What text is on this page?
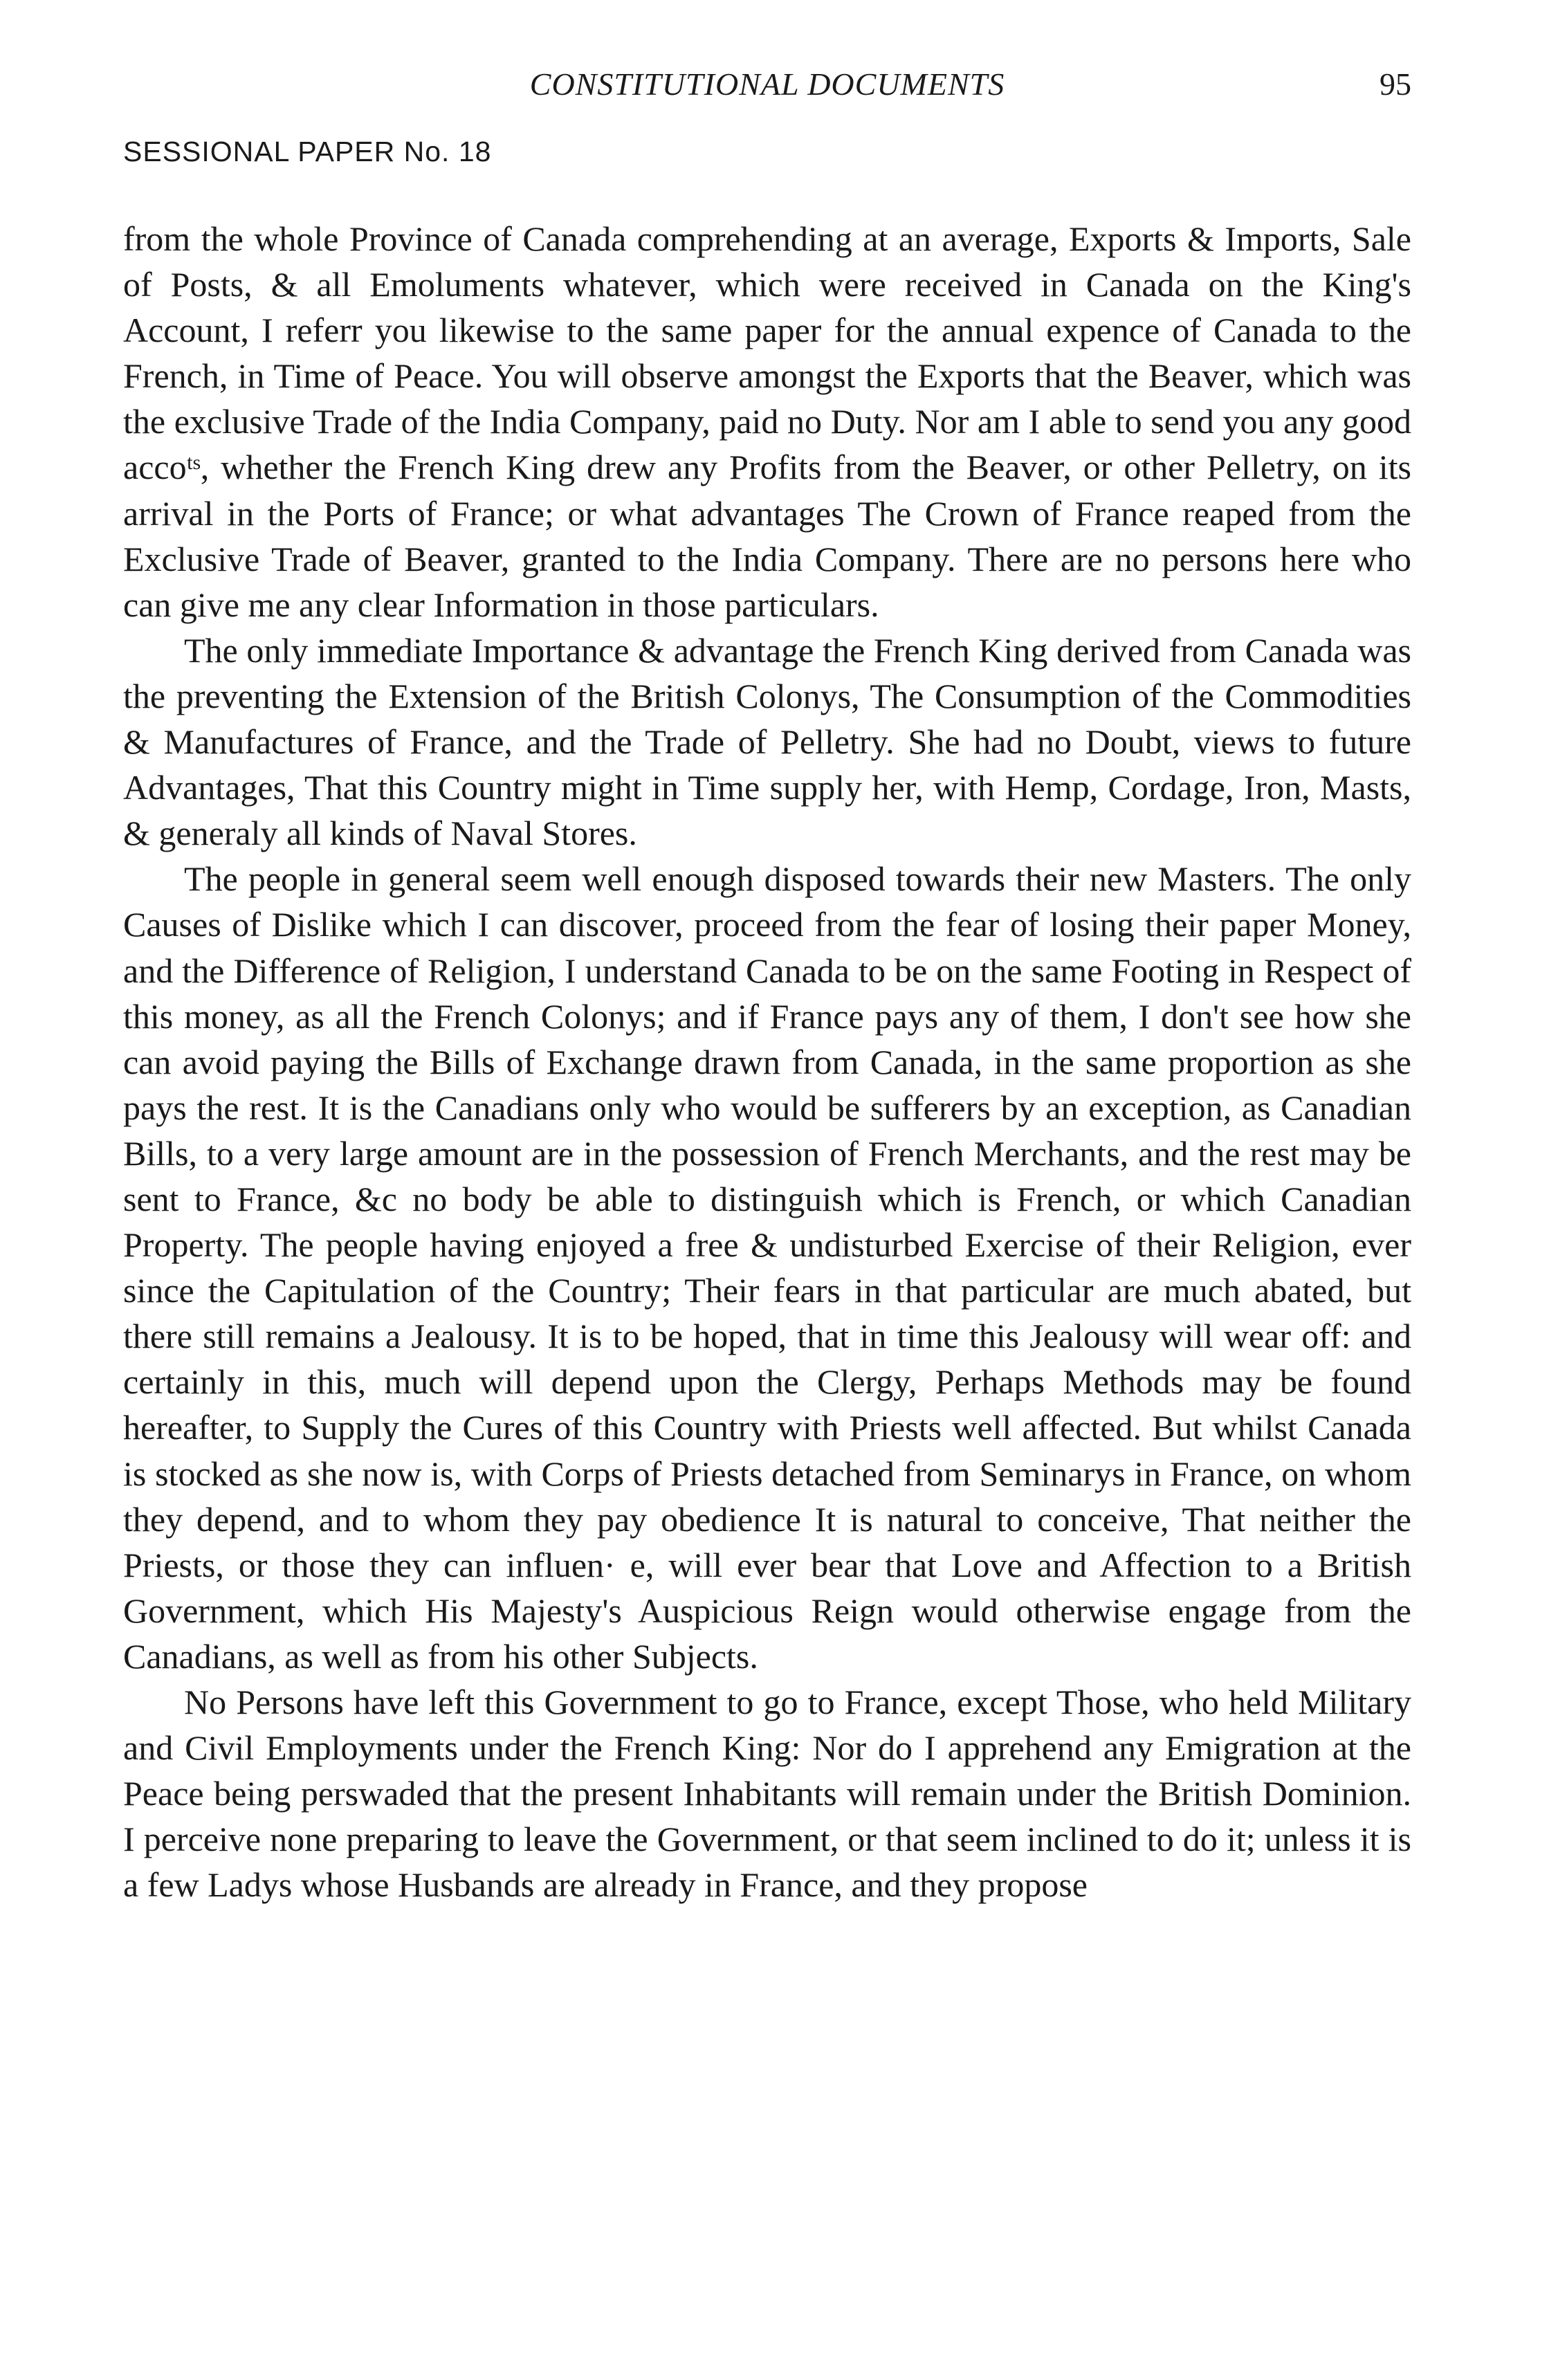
CONSTITUTIONAL DOCUMENTS	95
SESSIONAL PAPER No. 18

from the whole Province of Canada comprehending at an average, Exports & Imports, Sale of Posts, & all Emoluments whatever, which were received in Canada on the King's Account, I referr you likewise to the same paper for the annual expence of Canada to the French, in Time of Peace. You will observe amongst the Exports that the Beaver, which was the exclusive Trade of the India Company, paid no Duty. Nor am I able to send you any good accoᵗˢ, whether the French King drew any Profits from the Beaver, or other Pelletry, on its arrival in the Ports of France; or what advantages The Crown of France reaped from the Exclusive Trade of Beaver, granted to the India Company. There are no persons here who can give me any clear Information in those particulars.

The only immediate Importance & advantage the French King derived from Canada was the preventing the Extension of the British Colonys, The Consumption of the Commodities & Manufactures of France, and the Trade of Pelletry. She had no Doubt, views to future Advantages, That this Country might in Time supply her, with Hemp, Cordage, Iron, Masts, & generaly all kinds of Naval Stores.

The people in general seem well enough disposed towards their new Masters. The only Causes of Dislike which I can discover, proceed from the fear of losing their paper Money, and the Difference of Religion, I understand Canada to be on the same Footing in Respect of this money, as all the French Colonys; and if France pays any of them, I don't see how she can avoid paying the Bills of Exchange drawn from Canada, in the same proportion as she pays the rest. It is the Canadians only who would be sufferers by an exception, as Canadian Bills, to a very large amount are in the possession of French Merchants, and the rest may be sent to France, &c no body be able to distinguish which is French, or which Canadian Property. The people having enjoyed a free & undisturbed Exercise of their Religion, ever since the Capitulation of the Country; Their fears in that particular are much abated, but there still remains a Jealousy. It is to be hoped, that in time this Jealousy will wear off: and certainly in this, much will depend upon the Clergy, Perhaps Methods may be found hereafter, to Supply the Cures of this Country with Priests well affected. But whilst Canada is stocked as she now is, with Corps of Priests detached from Seminarys in France, on whom they depend, and to whom they pay obedience It is natural to conceive, That neither the Priests, or those they can influen· e, will ever bear that Love and Affection to a British Government, which His Majesty's Auspicious Reign would otherwise engage from the Canadians, as well as from his other Subjects.

No Persons have left this Government to go to France, except Those, who held Military and Civil Employments under the French King: Nor do I apprehend any Emigration at the Peace being perswaded that the present Inhabitants will remain under the British Dominion. I perceive none preparing to leave the Government, or that seem inclined to do it; unless it is a few Ladys whose Husbands are already in France, and they propose
